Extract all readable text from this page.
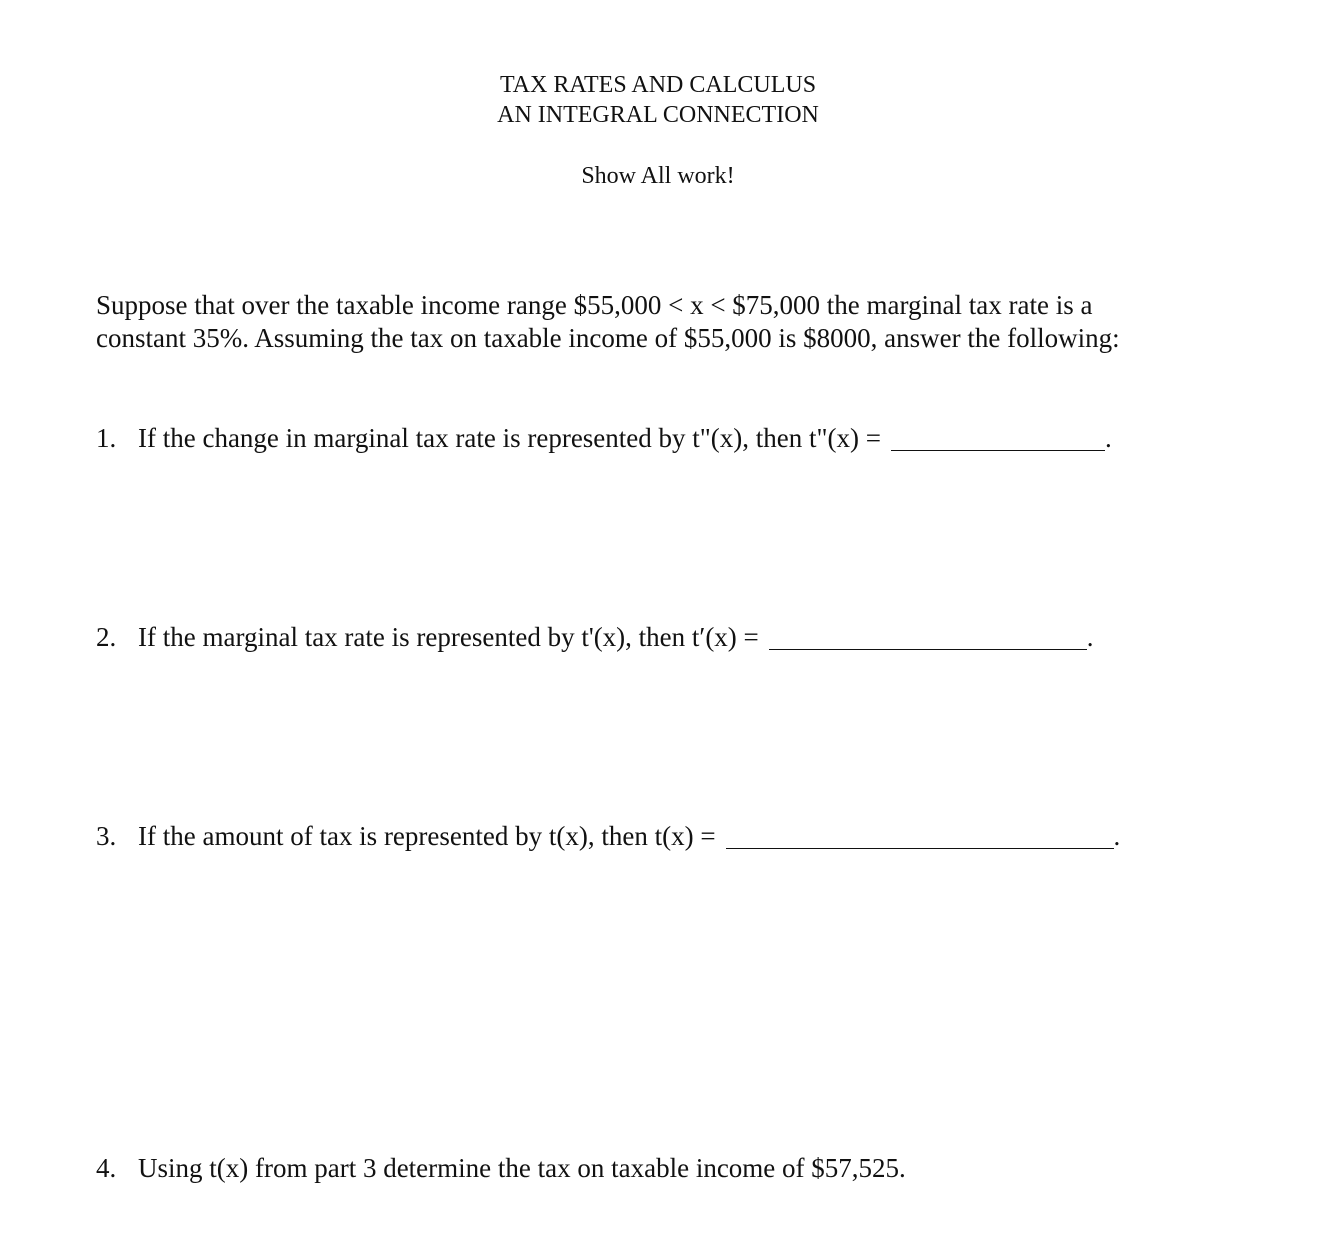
TAX RATES AND CALCULUS
AN INTEGRAL CONNECTION
Show All work!
Suppose that over the taxable income range $55,000 < x < $75,000 the marginal tax rate is a
constant 35%. Assuming the tax on taxable income of $55,000 is $8000, answer the following:
1. If the change in marginal tax rate is represented by t"(x), then t"(x) =	.
2. If the marginal tax rate is represented by t'(x), then t′(x) =	.
3. If the amount of tax is represented by t(x), then t(x) =	.
4. Using t(x) from part 3 determine the tax on taxable income of $57,525.
